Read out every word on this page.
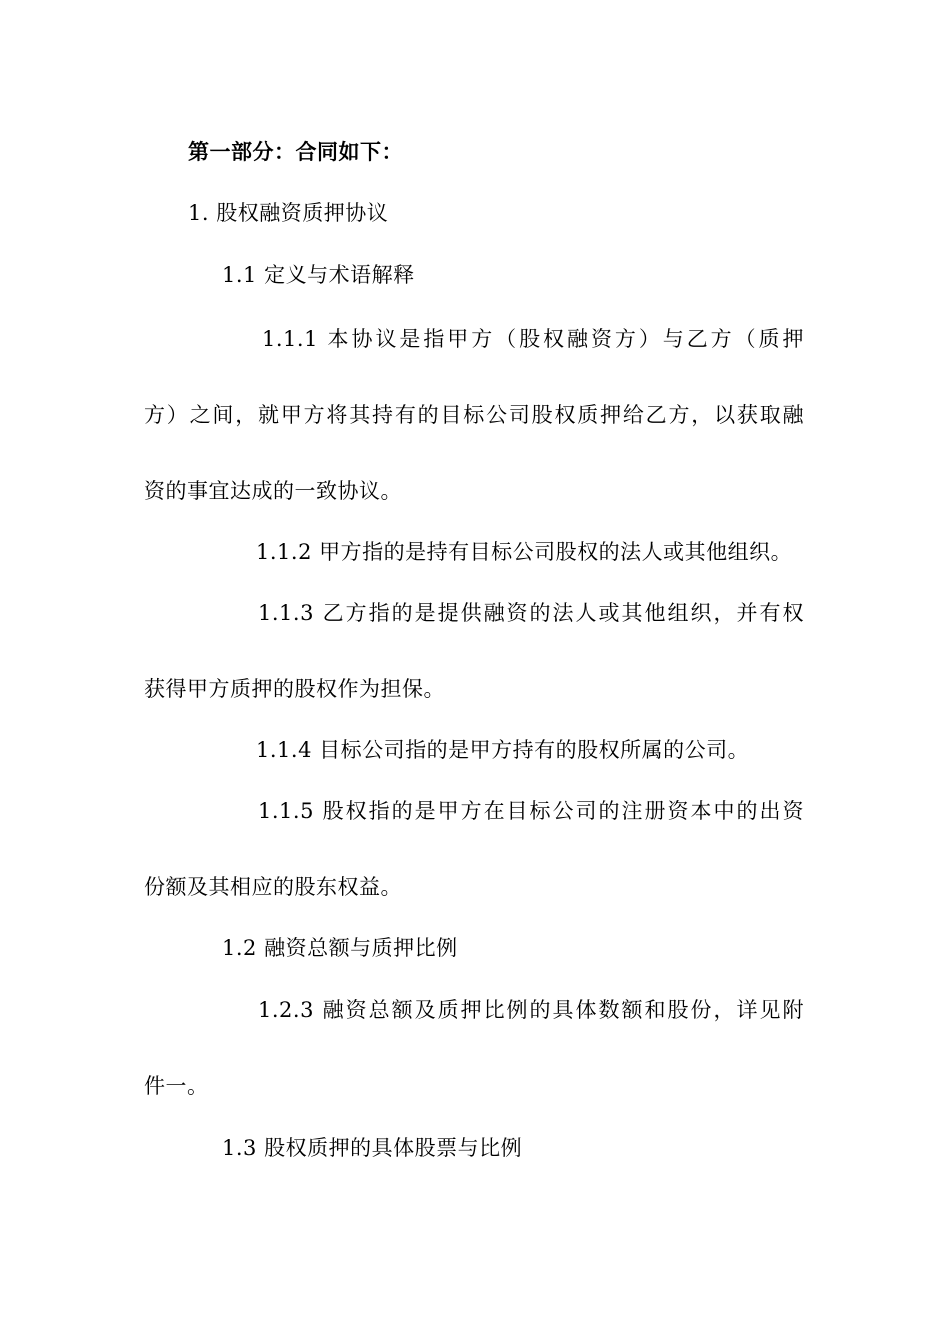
第一部分：合同如下：
1. 股权融资质押协议
1.1 定义与术语解释
1.1.1 本协议是指甲方（股权融资方）与乙方（质押
方）之间，就甲方将其持有的目标公司股权质押给乙方，以获取融
资的事宜达成的一致协议。
1.1.2 甲方指的是持有目标公司股权的法人或其他组织。
1.1.3 乙方指的是提供融资的法人或其他组织，并有权
获得甲方质押的股权作为担保。
1.1.4 目标公司指的是甲方持有的股权所属的公司。
1.1.5 股权指的是甲方在目标公司的注册资本中的出资
份额及其相应的股东权益。
1.2 融资总额与质押比例
1.2.3 融资总额及质押比例的具体数额和股份，详见附
件一。
1.3 股权质押的具体股票与比例
